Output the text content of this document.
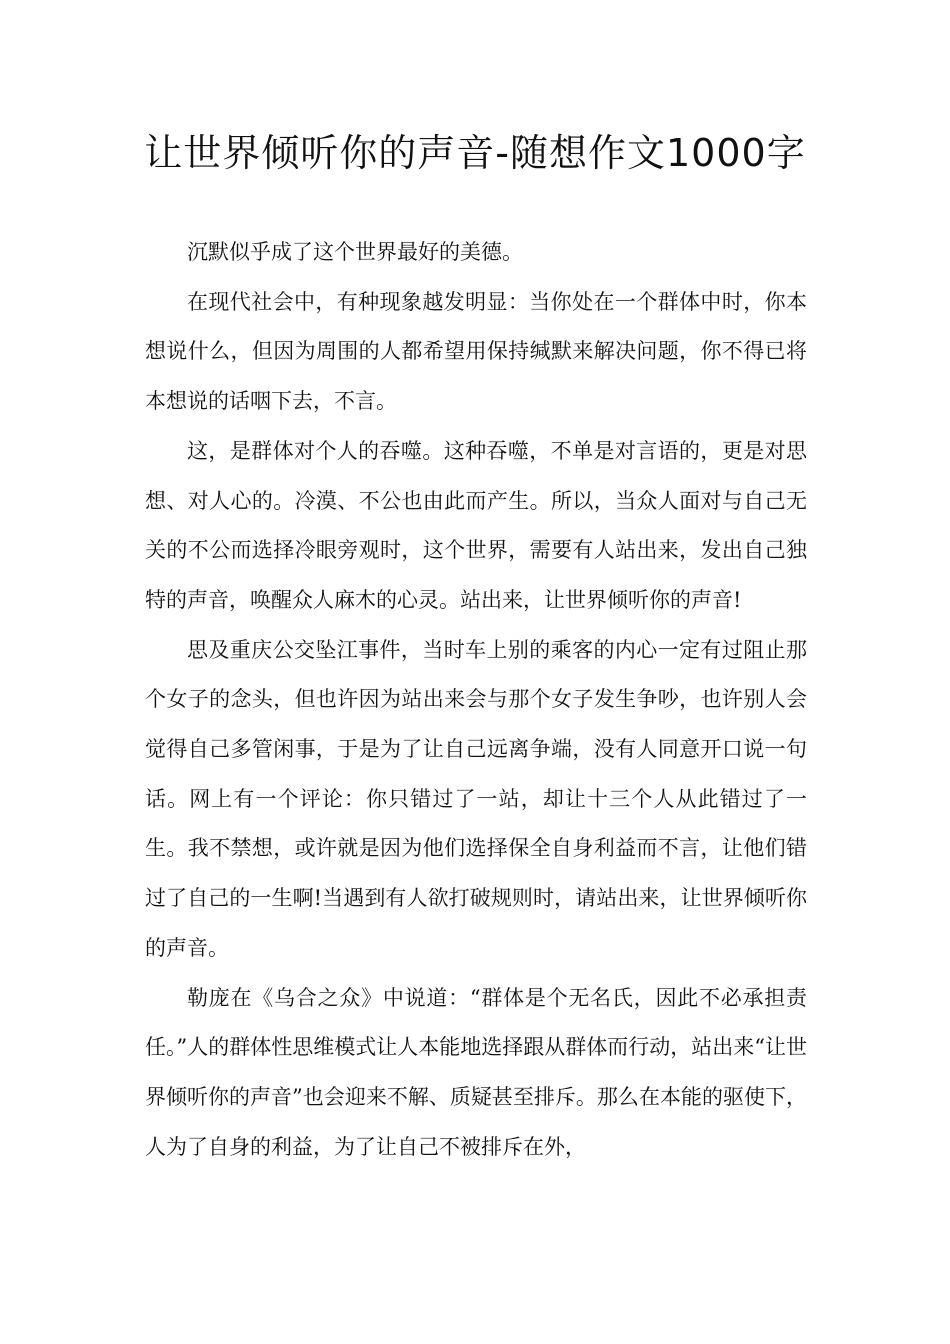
让世界倾听你的声音-随想作文1000字

沉默似乎成了这个世界最好的美德。

在现代社会中，有种现象越发明显：当你处在一个群体中时，你本想说什么，但因为周围的人都希望用保持缄默来解决问题，你不得已将本想说的话咽下去，不言。

这，是群体对个人的吞噬。这种吞噬，不单是对言语的，更是对思想、对人心的。冷漠、不公也由此而产生。所以，当众人面对与自己无关的不公而选择冷眼旁观时，这个世界，需要有人站出来，发出自己独特的声音，唤醒众人麻木的心灵。站出来，让世界倾听你的声音!

思及重庆公交坠江事件，当时车上别的乘客的内心一定有过阻止那个女子的念头，但也许因为站出来会与那个女子发生争吵，也许别人会觉得自己多管闲事，于是为了让自己远离争端，没有人同意开口说一句话。网上有一个评论：你只错过了一站，却让十三个人从此错过了一生。我不禁想，或许就是因为他们选择保全自身利益而不言，让他们错过了自己的一生啊!当遇到有人欲打破规则时，请站出来，让世界倾听你的声音。

勒庞在《乌合之众》中说道：“群体是个无名氏，因此不必承担责任。”人的群体性思维模式让人本能地选择跟从群体而行动，站出来“让世界倾听你的声音”也会迎来不解、质疑甚至排斥。那么在本能的驱使下，人为了自身的利益，为了让自己不被排斥在外，
